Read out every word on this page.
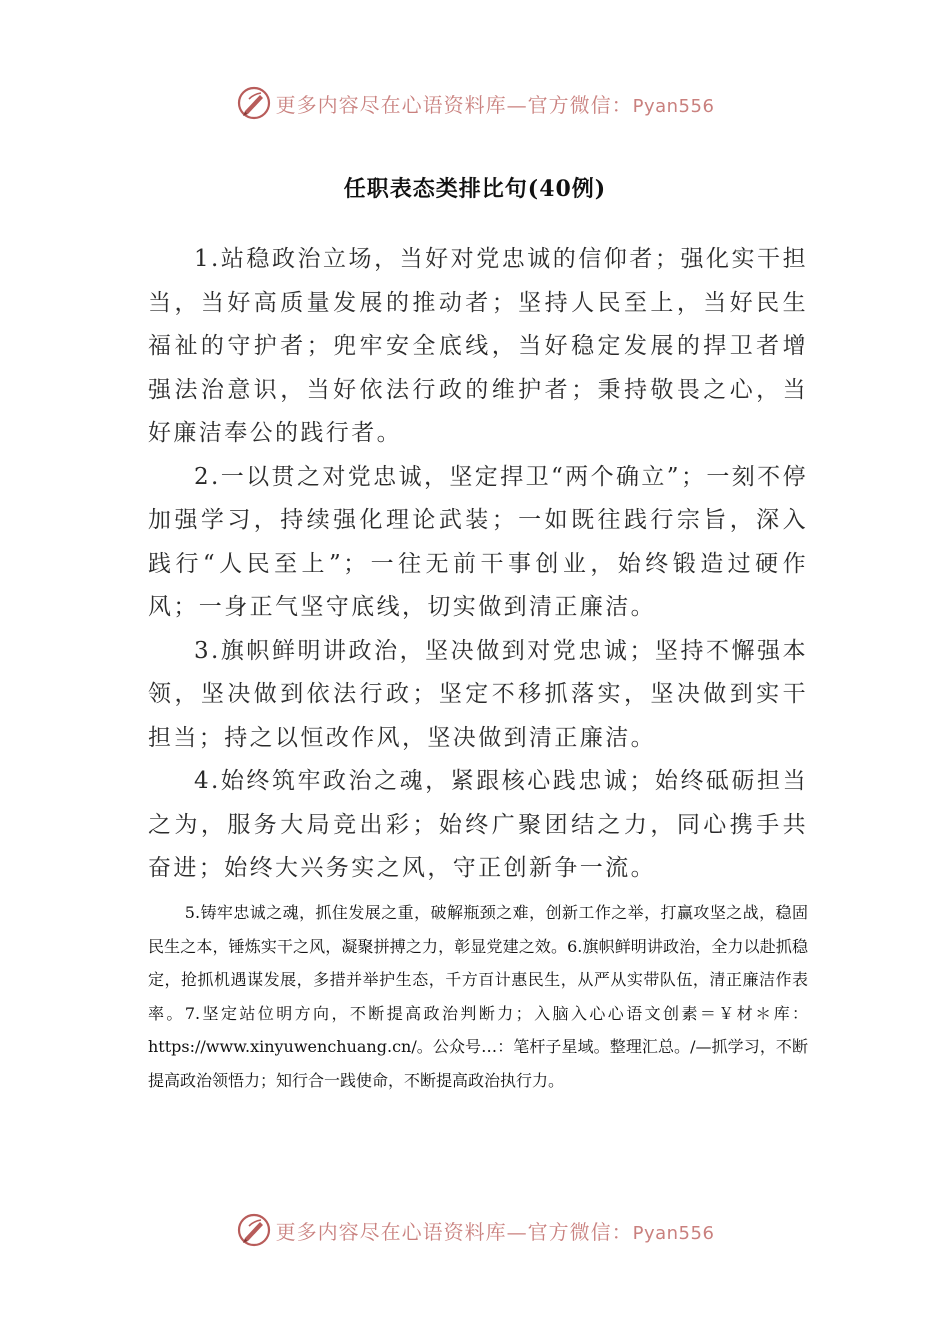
更多内容尽在心语资料库—官方微信：Pyan556
任职表态类排比句(40例)

1.站稳政治立场，当好对党忠诚的信仰者；强化实干担当，当好高质量发展的推动者；坚持人民至上，当好民生福祉的守护者；兜牢安全底线，当好稳定发展的捍卫者增强法治意识，当好依法行政的维护者；秉持敬畏之心，当好廉洁奉公的践行者。

2.一以贯之对党忠诚，坚定捍卫“两个确立”；一刻不停加强学习，持续强化理论武装；一如既往践行宗旨，深入践行“人民至上”；一往无前干事创业，始终锻造过硬作风；一身正气坚守底线，切实做到清正廉洁。

3.旗帜鲜明讲政治，坚决做到对党忠诚；坚持不懈强本领，坚决做到依法行政；坚定不移抓落实，坚决做到实干担当；持之以恒改作风，坚决做到清正廉洁。

4.始终筑牢政治之魂，紧跟核心践忠诚；始终砥砺担当之为，服务大局竞出彩；始终广聚团结之力，同心携手共奋进；始终大兴务实之风，守正创新争一流。

5.铸牢忠诚之魂，抓住发展之重，破解瓶颈之难，创新工作之举，打赢攻坚之战，稳固民生之本，锤炼实干之风，凝聚拼搏之力，彰显党建之效。6.旗帜鲜明讲政治，全力以赴抓稳定，抢抓机遇谋发展，多措并举护生态，千方百计惠民生，从严从实带队伍，清正廉洁作表率。7.坚定站位明方向，不断提高政治判断力；入脑入心心语文创素＝￥材＊库： https://www.xinyuwenchuang.cn/。公众号…：笔杆子星域。整理汇总。/—抓学习，不断提高政治领悟力；知行合一践使命，不断提高政治执行力。

更多内容尽在心语资料库—官方微信：Pyan556
